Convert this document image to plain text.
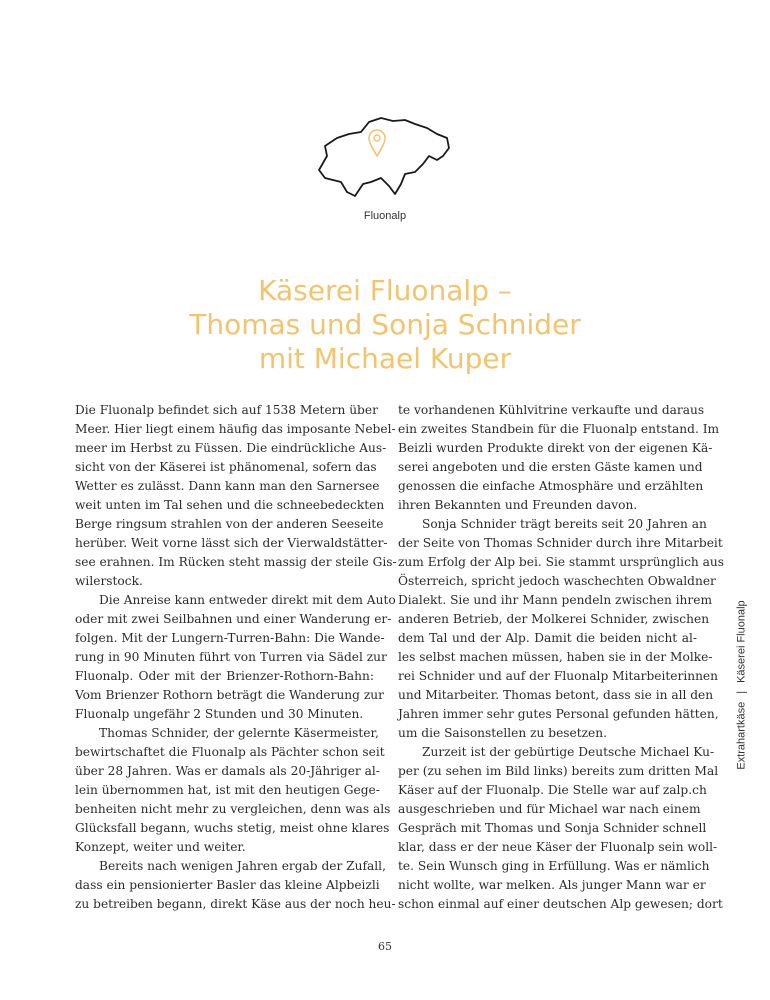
Fluonalp
Käserei Fluonalp –
Thomas und Sonja Schnider
mit Michael Kuper
Die Fluonalp befindet sich auf 1538 Metern über
Meer. Hier liegt einem häufig das imposante Nebel-
meer im Herbst zu Füssen. Die eindrückliche Aus-
sicht von der Käserei ist phänomenal, sofern das
Wetter es zulässt. Dann kann man den Sarnersee
weit unten im Tal sehen und die schneebedeckten
Berge ringsum strahlen von der anderen Seeseite
herüber. Weit vorne lässt sich der Vierwaldstätter-
see erahnen. Im Rücken steht massig der steile Gis-
wilerstock.
Die Anreise kann entweder direkt mit dem Auto
oder mit zwei Seilbahnen und einer Wanderung er-
folgen. Mit der Lungern-Turren-Bahn: Die Wande-
rung in 90 Minuten führt von Turren via Sädel zur
Fluonalp. Oder mit der Brienzer-Rothorn-Bahn:
Vom Brienzer Rothorn beträgt die Wanderung zur
Fluonalp ungefähr 2 Stunden und 30 Minuten.
Thomas Schnider, der gelernte Käsermeister,
bewirtschaftet die Fluonalp als Pächter schon seit
über 28 Jahren. Was er damals als 20-Jähriger al-
lein übernommen hat, ist mit den heutigen Gege-
benheiten nicht mehr zu vergleichen, denn was als
Glücksfall begann, wuchs stetig, meist ohne klares
Konzept, weiter und weiter.
Bereits nach wenigen Jahren ergab der Zufall,
dass ein pensionierter Basler das kleine Alpbeizli
zu betreiben begann, direkt Käse aus der noch heu-
te vorhandenen Kühlvitrine verkaufte und daraus
ein zweites Standbein für die Fluonalp entstand. Im
Beizli wurden Produkte direkt von der eigenen Kä-
serei angeboten und die ersten Gäste kamen und
genossen die einfache Atmosphäre und erzählten
ihren Bekannten und Freunden davon.
Sonja Schnider trägt bereits seit 20 Jahren an
der Seite von Thomas Schnider durch ihre Mitarbeit
zum Erfolg der Alp bei. Sie stammt ursprünglich aus
Österreich, spricht jedoch waschechten Obwaldner
Dialekt. Sie und ihr Mann pendeln zwischen ihrem
anderen Betrieb, der Molkerei Schnider, zwischen
dem Tal und der Alp. Damit die beiden nicht al-
les selbst machen müssen, haben sie in der Molke-
rei Schnider und auf der Fluonalp Mitarbeiterinnen
und Mitarbeiter. Thomas betont, dass sie in all den
Jahren immer sehr gutes Personal gefunden hätten,
um die Saisonstellen zu besetzen.
Zurzeit ist der gebürtige Deutsche Michael Ku-
per (zu sehen im Bild links) bereits zum dritten Mal
Käser auf der Fluonalp. Die Stelle war auf zalp.ch
ausgeschrieben und für Michael war nach einem
Gespräch mit Thomas und Sonja Schnider schnell
klar, dass er der neue Käser der Fluonalp sein woll-
te. Sein Wunsch ging in Erfüllung. Was er nämlich
nicht wollte, war melken. Als junger Mann war er
schon einmal auf einer deutschen Alp gewesen; dort
Extrahartkäse|Käserei Fluonalp
65
